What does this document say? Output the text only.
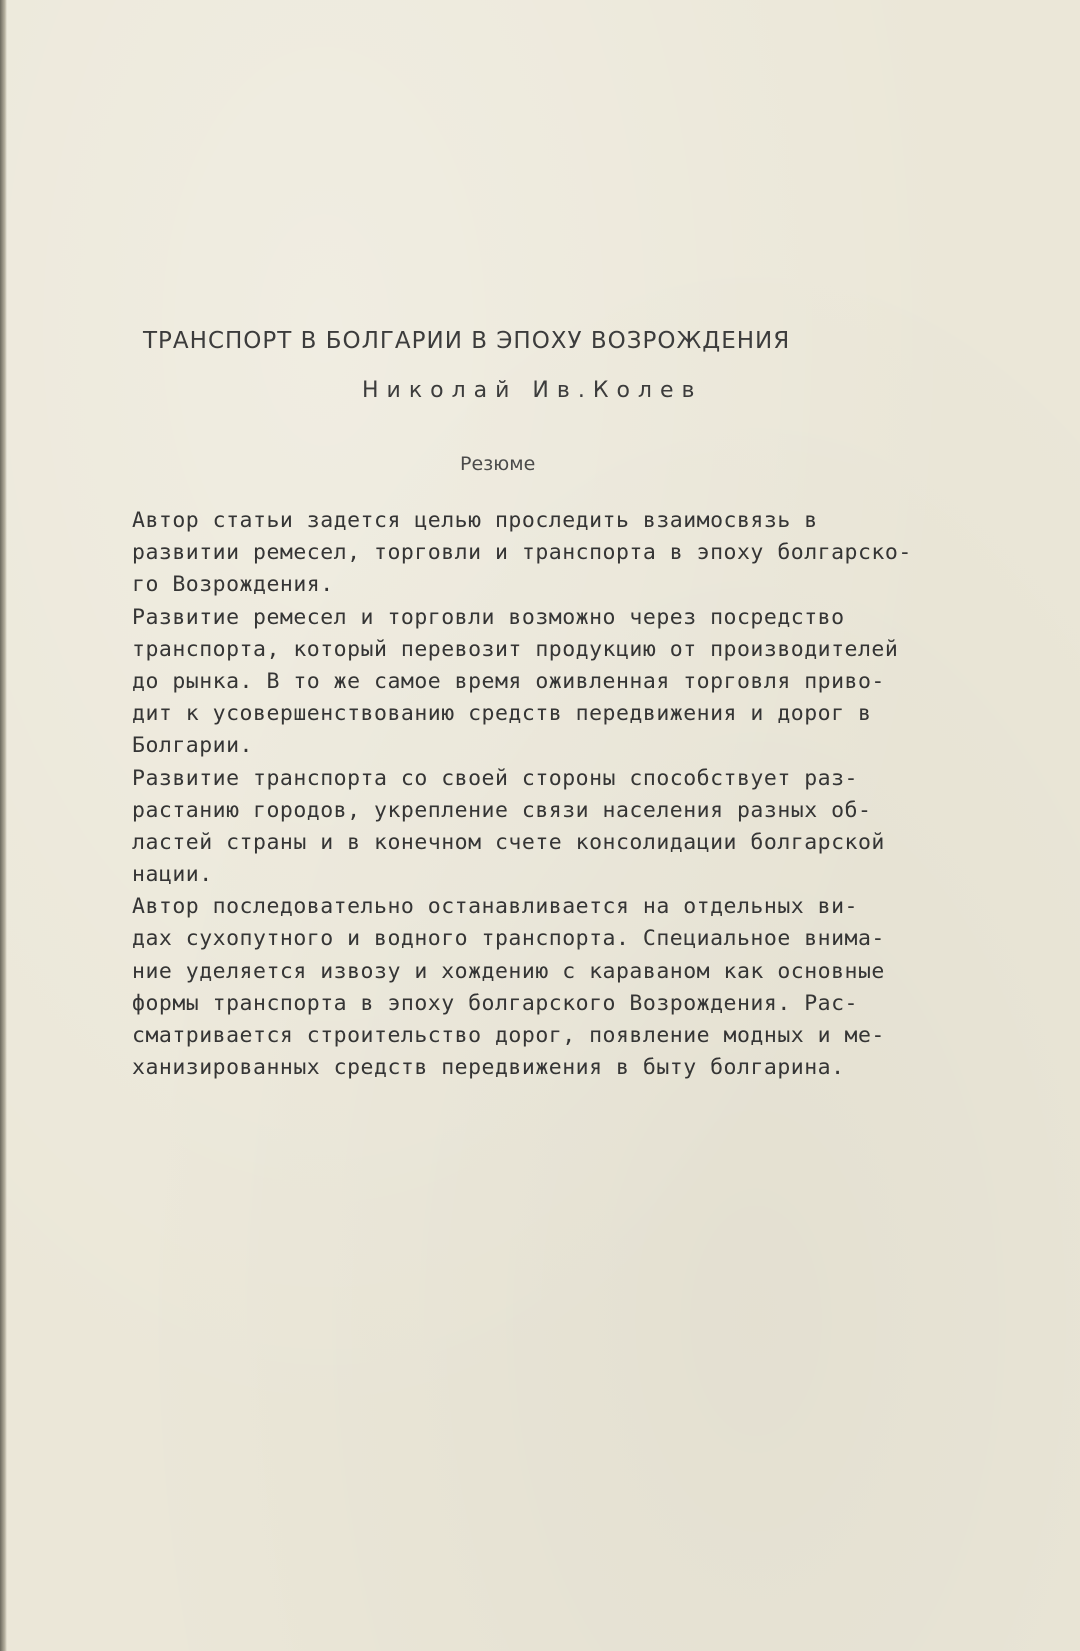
ТРАНСПОРТ В БОЛГАРИИ В ЭПОХУ ВОЗРОЖДЕНИЯ

Николай Ив.Колев

Резюме
Автор статьи задется целью проследить взаимосвязь в
развитии ремесел, торговли и транспорта в эпоху болгарско-
го Возрождения.
Развитие ремесел и торговли возможно через посредство
транспорта, который перевозит продукцию от производителей
до рынка. В то же самое время оживленная торговля приво-
дит к усовершенствованию средств передвижения и дорог в
Болгарии.
Развитие транспорта со своей стороны способствует раз-
растанию городов, укрепление связи населения разных об-
ластей страны и в конечном счете консолидации болгарской
нации.
Автор последовательно останавливается на отдельных ви-
дах сухопутного и водного транспорта. Специальное внима-
ние уделяется извозу и хождению с караваном как основные
формы транспорта в эпоху болгарского Возрождения. Рас-
сматривается строительство дорог, появление модных и ме-
ханизированных средств передвижения в быту болгарина.
